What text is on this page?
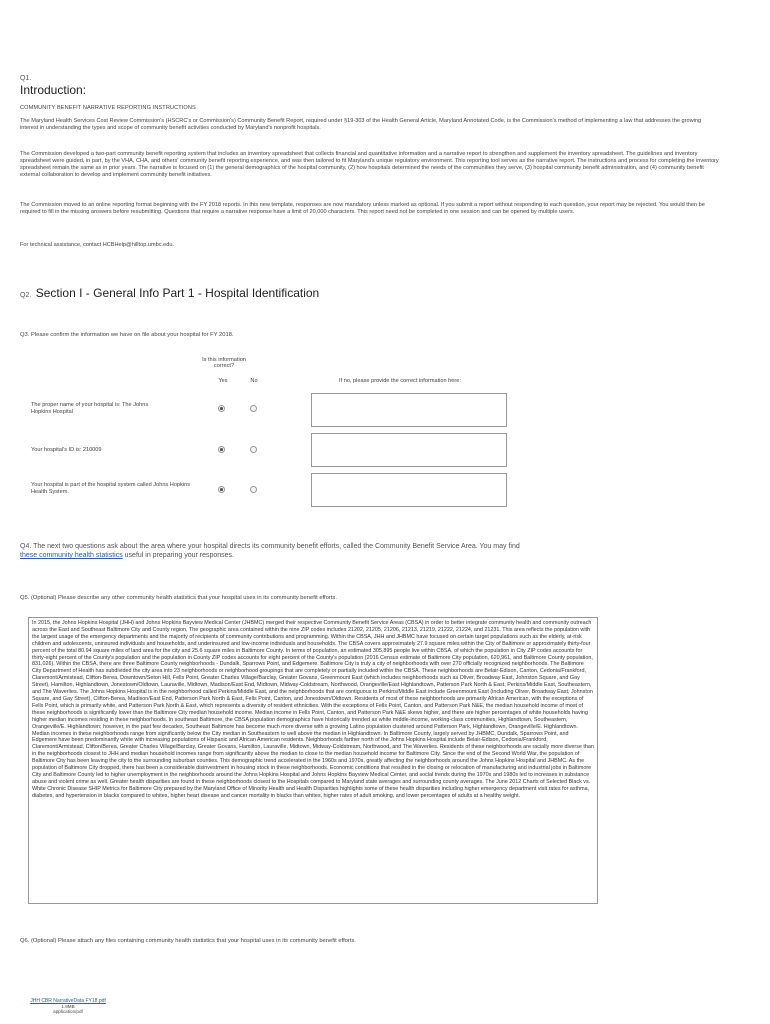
Q1.
Introduction:
COMMUNITY BENEFIT NARRATIVE REPORTING INSTRUCTIONS
The Maryland Health Services Cost Review Commission's (HSCRC's or Commission's) Community Benefit Report, required under §19-303 of the Health General Article, Maryland Annotated Code, is the Commission's method of implementing a law that addresses the growing interest in understanding the types and scope of community benefit activities conducted by Maryland's nonprofit hospitals.
The Commission developed a two-part community benefit reporting system that includes an inventory spreadsheet that collects financial and quantitative information and a narrative report to strengthen and supplement the inventory spreadsheet. The guidelines and inventory spreadsheet were guided, in part, by the VHA, CHA, and others' community benefit reporting experience, and was then tailored to fit Maryland's unique regulatory environment. This reporting tool serves as the narrative report. The instructions and process for completing the inventory spreadsheet remain the same as in prior years. The narrative is focused on (1) the general demographics of the hospital community, (2) how hospitals determined the needs of the communities they serve, (3) hospital community benefit administration, and (4) community benefit external collaboration to develop and implement community benefit initiatives.
The Commission moved to an online reporting format beginning with the FY 2018 reports. In this new template, responses are now mandatory unless marked as optional. If you submit a report without responding to each question, your report may be rejected. You would then be required to fill in the missing answers before resubmitting. Questions that require a narrative response have a limit of 20,000 characters. This report need not be completed in one session and can be opened by multiple users.
For technical assistance, contact HCBHelp@hilltop.umbc.edu.
Q2. Section I - General Info Part 1 - Hospital Identification
Q3. Please confirm the information we have on file about your hospital for FY 2018.
Is this information correct?
Yes	No	If no, please provide the correct information here:
The proper name of your hospital is: The Johns Hopkins Hospital
Your hospital's ID is: 210009
Your hospital is part of the hospital system called Johns Hopkins Health System.
Q4. The next two questions ask about the area where your hospital directs its community benefit efforts, called the Community Benefit Service Area. You may find these community health statistics useful in preparing your responses.
Q5. (Optional) Please describe any other community health statistics that your hospital uses in its community benefit efforts.
In 2015, the Johns Hopkins Hospital (JHH) and Johns Hopkins Bayview Medical Center (JHBMC) merged their respective Community Benefit Service Areas (CBSA) in order to better integrate community health and community outreach across the East and Southeast Baltimore City and County region. The geographic area contained within the nine ZIP codes includes 21202, 21205, 21206, 21213, 21219, 21222, 21224, and 21231. This area reflects the population with the largest usage of the emergency departments and the majority of recipients of community contributions and programming. Within the CBSA, JHH and JHBMC have focused on certain target populations such as the elderly, at-risk children and adolescents, uninsured individuals and households, and underinsured and low-income individuals and households. The CBSA covers approximately 27.9 square miles within the City of Baltimore or approximately thirty-four percent of the total 80.94 square miles of land area for the city and 25.6 square miles in Baltimore County. In terms of population, an estimated 305,895 people live within CBSA, of which the population in City ZIP codes accounts for thirty-eight percent of the County's population and the population in County ZIP codes accounts for eight percent of the County's population (2016 Census estimate of Baltimore City population, 620,961, and Baltimore County population, 831,026). Within the CBSA, there are three Baltimore County neighborhoods - Dundalk, Sparrows Point, and Edgemere. Baltimore City is truly a city of neighborhoods with over 270 officially recognized neighborhoods. The Baltimore City Department of Health has subdivided the city area into 23 neighborhoods or neighborhood groupings that are completely or partially included within the CBSA. These neighborhoods are Belair-Edison, Canton, Cedonia/Frankford, Claremont/Armistead, Clifton-Berea, Downtown/Seton Hill, Fells Point, Greater Charles Village/Barclay, Greater Govans, Greenmount East (which includes neighborhoods such as Oliver, Broadway East, Johnston Square, and Gay Street), Hamilton, Highlandtown, Jonestown/Oldtown, Lauraville, Midtown, Madison/East End, Midtown, Midway-Coldstream, Northwood, Orangeville/East Highlandtown, Patterson Park North & East, Perkins/Middle East, Southeastern, and The Waverlies. The Johns Hopkins Hospital is in the neighborhood called Perkins/Middle East, and the neighborhoods that are contiguous to Perkins/Middle East include Greenmount East (including Oliver, Broadway East, Johnston Square, and Gay Street), Clifton-Berea, Madison/East End, Patterson Park North & East, Fells Point, Canton, and Jonestown/Oldtown. Residents of most of these neighborhoods are primarily African American, with the exceptions of Fells Point, which is primarily white, and Patterson Park North & East, which represents a diversity of resident ethnicities. With the exceptions of Fells Point, Canton, and Patterson Park N&E, the median household income of most of these neighborhoods is significantly lower than the Baltimore City median household income. Median income in Fells Point, Canton, and Patterson Park N&E skews higher, and there are higher percentages of white households having higher median incomes residing in these neighborhoods. In southeast Baltimore, the CBSA population demographics have historically trended as white middle-income, working-class communities, Highlandtown, Southeastern, Orangeville/E. Highlandtown; however, in the past few decades, Southeast Baltimore has become much more diverse with a growing Latino population clustered around Patterson Park, Highlandtown, Orangeville/E. Highlandtown. Median incomes in these neighborhoods range from significantly below the City median in Southeastern to well above the median in Highlandtown. In Baltimore County, largely served by JHBMC, Dundalk, Sparrows Point, and Edgemere have been predominantly white with increasing populations of Hispanic and African American residents. Neighborhoods farther north of the Johns Hopkins Hospital include Belair-Edison, Cedonia/Frankford, Claremont/Armistead, Clifton/Berea, Greater Charles Village/Barclay, Greater Govans, Hamilton, Lauraville, Midtown, Midway-Coldstream, Northwood, and The Waverlies. Residents of these neighborhoods are racially more diverse than in the neighborhoods closest to JHH and median household incomes range from significantly above the median to close to the median household income for Baltimore City. Since the end of the Second World War, the population of Baltimore City has been leaving the city to the surrounding suburban counties. This demographic trend accelerated in the 1960s and 1970s, greatly affecting the neighborhoods around the Johns Hopkins Hospital and JHBMC. As the population of Baltimore City dropped, there has been a considerable disinvestment in housing stock in these neighborhoods. Economic conditions that resulted in the closing or relocation of manufacturing and industrial jobs in Baltimore City and Baltimore County led to higher unemployment in the neighborhoods around the Johns Hopkins Hospital and Johns Hopkins Bayview Medical Center, and social trends during the 1970s and 1980s led to increases in substance abuse and violent crime as well. Greater health disparities are found in these neighborhoods closest to the Hospitals compared to Maryland state averages and surrounding county averages. The June 2012 Charts of Selected Black vs. White Chronic Disease SHIP Metrics for Baltimore City prepared by the Maryland Office of Minority Health and Health Disparities highlights some of these health disparities including higher emergency department visit rates for asthma, diabetes, and hypertension in blacks compared to whites, higher heart disease and cancer mortality in blacks than whites, higher rates of adult smoking, and lower percentages of adults at a healthy weight.
Q6. (Optional) Please attach any files containing community health statistics that your hospital uses in its community benefit efforts.
JHH CBR NarrativeData FY18.pdf
1.9MB
application/pdf
